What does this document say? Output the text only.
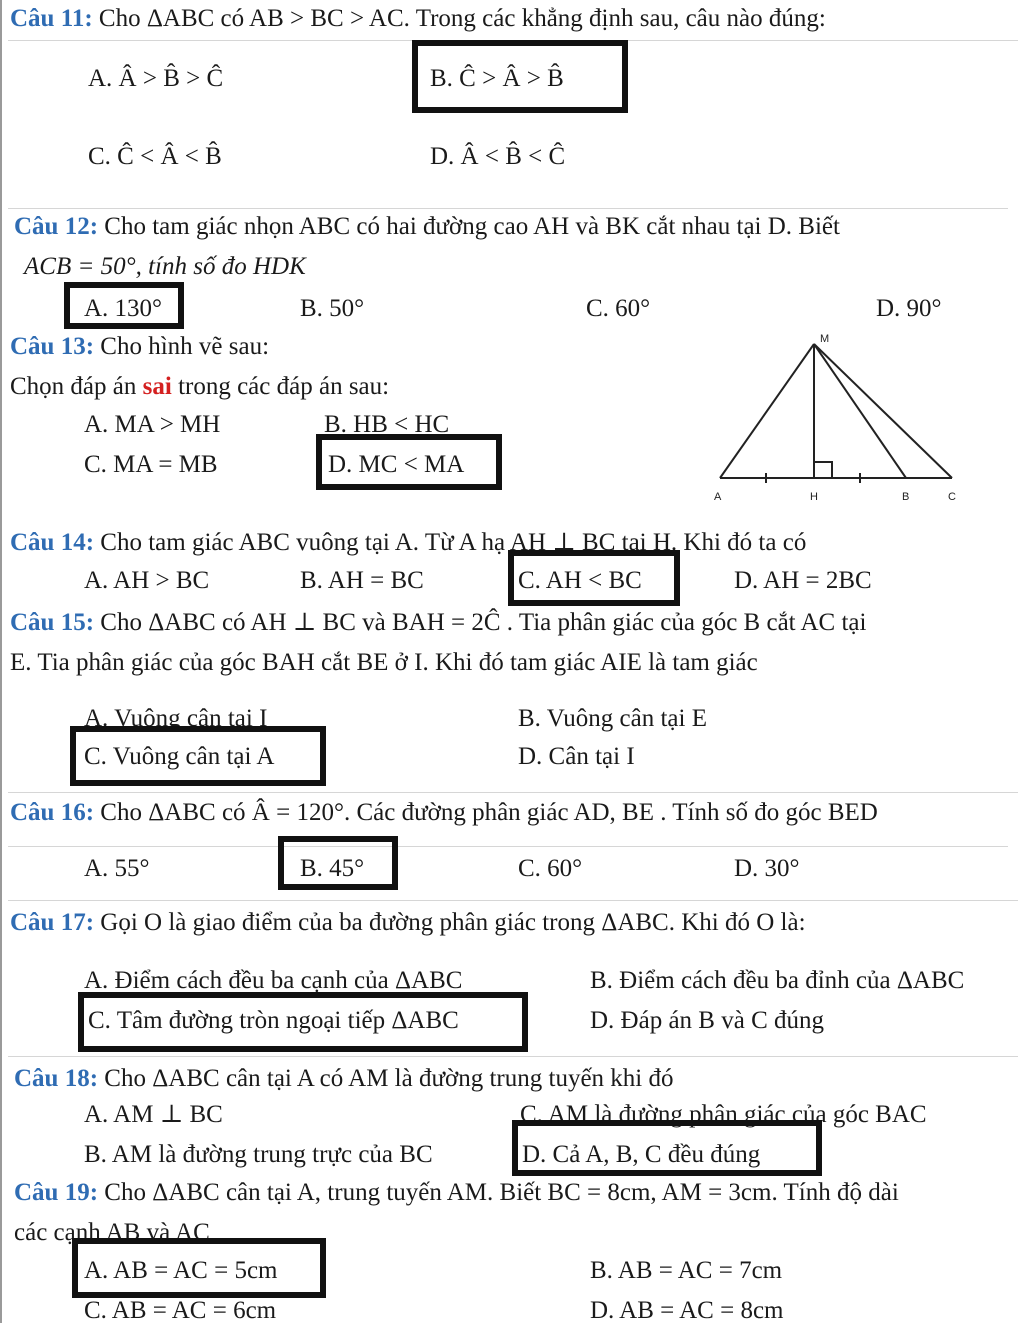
Câu 11: Cho ΔABC có AB > BC > AC. Trong các khẳng định sau, câu nào đúng:
A. Â > B̂ > Ĉ	B. Ĉ > Â > B̂
C. Ĉ < Â < B̂	D. Â < B̂ < Ĉ
Câu 12: Cho tam giác nhọn ABC có hai đường cao AH và BK cắt nhau tại D. Biết
ACB = 50°, tính số đo HDK
A. 130°	B. 50°	C. 60°	D. 90°
Câu 13: Cho hình vẽ sau:
Chọn đáp án sai trong các đáp án sau:
A. MA > MH	B. HB < HC
C. MA = MB	D. MC < MA
M
A	H	B	C
Câu 14: Cho tam giác ABC vuông tại A. Từ A hạ AH ⊥ BC tại H. Khi đó ta có
A. AH > BC	B. AH = BC	C. AH < BC	D. AH = 2BC
Câu 15: Cho ΔABC có AH ⊥ BC và BAH = 2Ĉ . Tia phân giác của góc B cắt AC tại
E. Tia phân giác của góc BAH cắt BE ở I. Khi đó tam giác AIE là tam giác
A. Vuông cân tại I	B. Vuông cân tại E
C. Vuông cân tại A	D. Cân tại I
Câu 16: Cho ΔABC có Â = 120°. Các đường phân giác AD, BE . Tính số đo góc BED
A. 55°	B. 45°	C. 60°	D. 30°
Câu 17: Gọi O là giao điểm của ba đường phân giác trong ΔABC. Khi đó O là:
A. Điểm cách đều ba cạnh của ΔABC	B. Điểm cách đều ba đỉnh của ΔABC
C. Tâm đường tròn ngoại tiếp ΔABC	D. Đáp án B và C đúng
Câu 18: Cho ΔABC cân tại A có AM là đường trung tuyến khi đó
A. AM ⊥ BC	C. AM là đường phân giác của góc BAC
B. AM là đường trung trực của BC	D. Cả A, B, C đều đúng
Câu 19: Cho ΔABC cân tại A, trung tuyến AM. Biết BC = 8cm, AM = 3cm. Tính độ dài
các cạnh AB và AC
A. AB = AC = 5cm	B. AB = AC = 7cm
C. AB = AC = 6cm	D. AB = AC = 8cm
